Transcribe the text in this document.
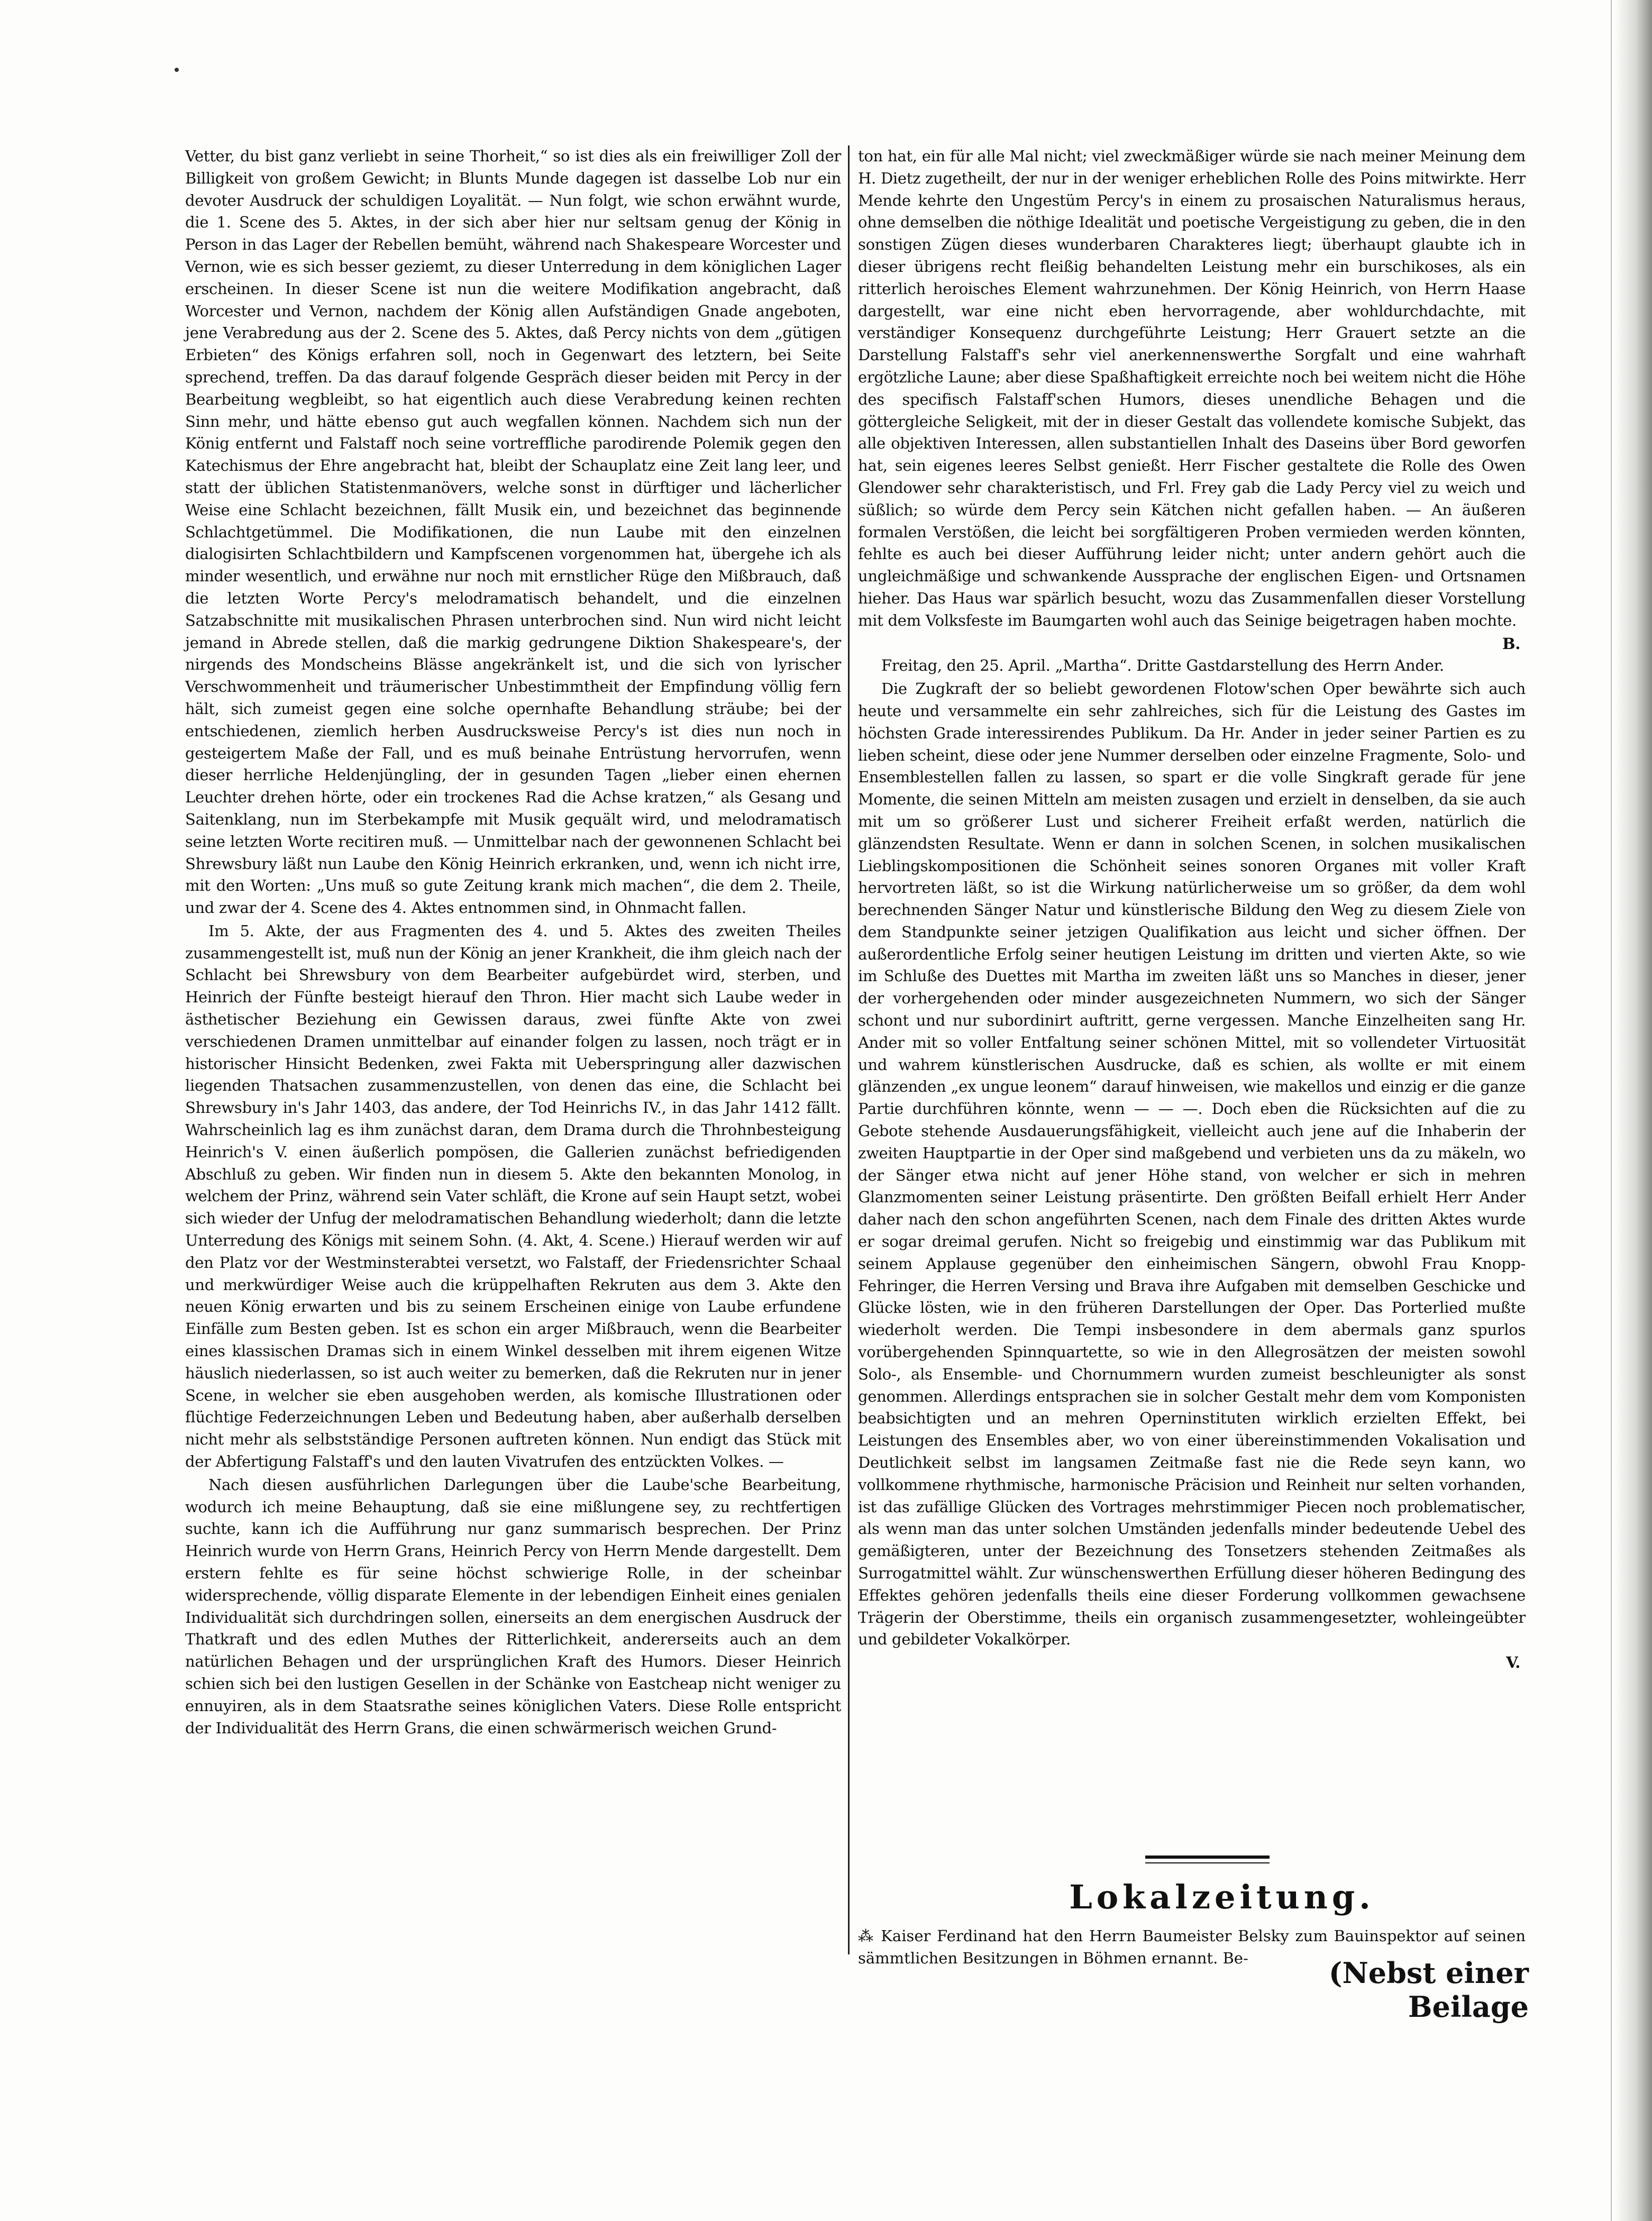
Vetter, du bist ganz verliebt in seine Thorheit,“ so ist dies als ein freiwilliger Zoll der Billigkeit von großem Gewicht; in Blunts Munde dagegen ist dasselbe Lob nur ein devoter Ausdruck der schuldigen Loyalität. — Nun folgt, wie schon erwähnt wurde, die 1. Scene des 5. Aktes, in der sich aber hier nur seltsam genug der König in Person in das Lager der Rebellen bemüht, während nach Shakespeare Worcester und Vernon, wie es sich besser geziemt, zu dieser Unterredung in dem königlichen Lager erscheinen. In dieser Scene ist nun die weitere Modifikation angebracht, daß Worcester und Vernon, nachdem der König allen Aufständigen Gnade angeboten, jene Verabredung aus der 2. Scene des 5. Aktes, daß Percy nichts von dem „gütigen Erbieten“ des Königs erfahren soll, noch in Gegenwart des letztern, bei Seite sprechend, treffen. Da das darauf folgende Gespräch dieser beiden mit Percy in der Bearbeitung wegbleibt, so hat eigentlich auch diese Verabredung keinen rechten Sinn mehr, und hätte ebenso gut auch wegfallen können. Nachdem sich nun der König entfernt und Falstaff noch seine vortreffliche parodirende Polemik gegen den Katechismus der Ehre angebracht hat, bleibt der Schauplatz eine Zeit lang leer, und statt der üblichen Statistenmanövers, welche sonst in dürftiger und lächerlicher Weise eine Schlacht bezeichnen, fällt Musik ein, und bezeichnet das beginnende Schlachtgetümmel. Die Modifikationen, die nun Laube mit den einzelnen dialogisirten Schlachtbildern und Kampfscenen vorgenommen hat, übergehe ich als minder wesentlich, und erwähne nur noch mit ernstlicher Rüge den Mißbrauch, daß die letzten Worte Percy's melodramatisch behandelt, und die einzelnen Satzabschnitte mit musikalischen Phrasen unterbrochen sind. Nun wird nicht leicht jemand in Abrede stellen, daß die markig gedrungene Diktion Shakespeare's, der nirgends des Mondscheins Blässe angekränkelt ist, und die sich von lyrischer Verschwommenheit und träumerischer Unbestimmtheit der Empfindung völlig fern hält, sich zumeist gegen eine solche opernhafte Behandlung sträube; bei der entschiedenen, ziemlich herben Ausdrucksweise Percy's ist dies nun noch in gesteigertem Maße der Fall, und es muß beinahe Entrüstung hervorrufen, wenn dieser herrliche Heldenjüngling, der in gesunden Tagen „lieber einen ehernen Leuchter drehen hörte, oder ein trockenes Rad die Achse kratzen,“ als Gesang und Saitenklang, nun im Sterbekampfe mit Musik gequält wird, und melodramatisch seine letzten Worte recitiren muß. — Unmittelbar nach der gewonnenen Schlacht bei Shrewsbury läßt nun Laube den König Heinrich erkranken, und, wenn ich nicht irre, mit den Worten: „Uns muß so gute Zeitung krank mich machen“, die dem 2. Theile, und zwar der 4. Scene des 4. Aktes entnommen sind, in Ohnmacht fallen.

Im 5. Akte, der aus Fragmenten des 4. und 5. Aktes des zweiten Theiles zusammengestellt ist, muß nun der König an jener Krankheit, die ihm gleich nach der Schlacht bei Shrewsbury von dem Bearbeiter aufgebürdet wird, sterben, und Heinrich der Fünfte besteigt hierauf den Thron. Hier macht sich Laube weder in ästhetischer Beziehung ein Gewissen daraus, zwei fünfte Akte von zwei verschiedenen Dramen unmittelbar auf einander folgen zu lassen, noch trägt er in historischer Hinsicht Bedenken, zwei Fakta mit Ueberspringung aller dazwischen liegenden Thatsachen zusammenzustellen, von denen das eine, die Schlacht bei Shrewsbury in's Jahr 1403, das andere, der Tod Heinrichs IV., in das Jahr 1412 fällt. Wahrscheinlich lag es ihm zunächst daran, dem Drama durch die Throhnbesteigung Heinrich's V. einen äußerlich pompösen, die Gallerien zunächst befriedigenden Abschluß zu geben. Wir finden nun in diesem 5. Akte den bekannten Monolog, in welchem der Prinz, während sein Vater schläft, die Krone auf sein Haupt setzt, wobei sich wieder der Unfug der melodramatischen Behandlung wiederholt; dann die letzte Unterredung des Königs mit seinem Sohn. (4. Akt, 4. Scene.) Hierauf werden wir auf den Platz vor der Westminsterabtei versetzt, wo Falstaff, der Friedensrichter Schaal und merkwürdiger Weise auch die krüppelhaften Rekruten aus dem 3. Akte den neuen König erwarten und bis zu seinem Erscheinen einige von Laube erfundene Einfälle zum Besten geben. Ist es schon ein arger Mißbrauch, wenn die Bearbeiter eines klassischen Dramas sich in einem Winkel desselben mit ihrem eigenen Witze häuslich niederlassen, so ist auch weiter zu bemerken, daß die Rekruten nur in jener Scene, in welcher sie eben ausgehoben werden, als komische Illustrationen oder flüchtige Federzeichnungen Leben und Bedeutung haben, aber außerhalb derselben nicht mehr als selbstständige Personen auftreten können. Nun endigt das Stück mit der Abfertigung Falstaff's und den lauten Vivatrufen des entzückten Volkes. —

Nach diesen ausführlichen Darlegungen über die Laube'sche Bearbeitung, wodurch ich meine Behauptung, daß sie eine mißlungene sey, zu rechtfertigen suchte, kann ich die Aufführung nur ganz summarisch besprechen. Der Prinz Heinrich wurde von Herrn Grans, Heinrich Percy von Herrn Mende dargestellt. Dem erstern fehlte es für seine höchst schwierige Rolle, in der scheinbar widersprechende, völlig disparate Elemente in der lebendigen Einheit eines genialen Individualität sich durchdringen sollen, einerseits an dem energischen Ausdruck der Thatkraft und des edlen Muthes der Ritterlichkeit, andererseits auch an dem natürlichen Behagen und der ursprünglichen Kraft des Humors. Dieser Heinrich schien sich bei den lustigen Gesellen in der Schänke von Eastcheap nicht weniger zu ennuyiren, als in dem Staatsrathe seines königlichen Vaters. Diese Rolle entspricht der Individualität des Herrn Grans, die einen schwärmerisch weichen Grund-

ton hat, ein für alle Mal nicht; viel zweckmäßiger würde sie nach meiner Meinung dem H. Dietz zugetheilt, der nur in der weniger erheblichen Rolle des Poins mitwirkte. Herr Mende kehrte den Ungestüm Percy's in einem zu prosaischen Naturalismus heraus, ohne demselben die nöthige Idealität und poetische Vergeistigung zu geben, die in den sonstigen Zügen dieses wunderbaren Charakteres liegt; überhaupt glaubte ich in dieser übrigens recht fleißig behandelten Leistung mehr ein burschikoses, als ein ritterlich heroisches Element wahrzunehmen. Der König Heinrich, von Herrn Haase dargestellt, war eine nicht eben hervorragende, aber wohldurchdachte, mit verständiger Konsequenz durchgeführte Leistung; Herr Grauert setzte an die Darstellung Falstaff's sehr viel anerkennenswerthe Sorgfalt und eine wahrhaft ergötzliche Laune; aber diese Spaßhaftigkeit erreichte noch bei weitem nicht die Höhe des specifisch Falstaff'schen Humors, dieses unendliche Behagen und die göttergleiche Seligkeit, mit der in dieser Gestalt das vollendete komische Subjekt, das alle objektiven Interessen, allen substantiellen Inhalt des Daseins über Bord geworfen hat, sein eigenes leeres Selbst genießt. Herr Fischer gestaltete die Rolle des Owen Glendower sehr charakteristisch, und Frl. Frey gab die Lady Percy viel zu weich und süßlich; so würde dem Percy sein Kätchen nicht gefallen haben. — An äußeren formalen Verstößen, die leicht bei sorgfältigeren Proben vermieden werden könnten, fehlte es auch bei dieser Aufführung leider nicht; unter andern gehört auch die ungleichmäßige und schwankende Aussprache der englischen Eigen- und Ortsnamen hieher. Das Haus war spärlich besucht, wozu das Zusammenfallen dieser Vorstellung mit dem Volksfeste im Baumgarten wohl auch das Seinige beigetragen haben mochte.

B.

Freitag, den 25. April. „Martha“. Dritte Gastdarstellung des Herrn Ander.

Die Zugkraft der so beliebt gewordenen Flotow'schen Oper bewährte sich auch heute und versammelte ein sehr zahlreiches, sich für die Leistung des Gastes im höchsten Grade interessirendes Publikum. Da Hr. Ander in jeder seiner Partien es zu lieben scheint, diese oder jene Nummer derselben oder einzelne Fragmente, Solo- und Ensemblestellen fallen zu lassen, so spart er die volle Singkraft gerade für jene Momente, die seinen Mitteln am meisten zusagen und erzielt in denselben, da sie auch mit um so größerer Lust und sicherer Freiheit erfaßt werden, natürlich die glänzendsten Resultate. Wenn er dann in solchen Scenen, in solchen musikalischen Lieblingskompositionen die Schönheit seines sonoren Organes mit voller Kraft hervortreten läßt, so ist die Wirkung natürlicherweise um so größer, da dem wohl berechnenden Sänger Natur und künstlerische Bildung den Weg zu diesem Ziele von dem Standpunkte seiner jetzigen Qualifikation aus leicht und sicher öffnen. Der außerordentliche Erfolg seiner heutigen Leistung im dritten und vierten Akte, so wie im Schluße des Duettes mit Martha im zweiten läßt uns so Manches in dieser, jener der vorhergehenden oder minder ausgezeichneten Nummern, wo sich der Sänger schont und nur subordinirt auftritt, gerne vergessen. Manche Einzelheiten sang Hr. Ander mit so voller Entfaltung seiner schönen Mittel, mit so vollendeter Virtuosität und wahrem künstlerischen Ausdrucke, daß es schien, als wollte er mit einem glänzenden „ex ungue leonem“ darauf hinweisen, wie makellos und einzig er die ganze Partie durchführen könnte, wenn — — —. Doch eben die Rücksichten auf die zu Gebote stehende Ausdauerungsfähigkeit, vielleicht auch jene auf die Inhaberin der zweiten Hauptpartie in der Oper sind maßgebend und verbieten uns da zu mäkeln, wo der Sänger etwa nicht auf jener Höhe stand, von welcher er sich in mehren Glanzmomenten seiner Leistung präsentirte. Den größten Beifall erhielt Herr Ander daher nach den schon angeführten Scenen, nach dem Finale des dritten Aktes wurde er sogar dreimal gerufen. Nicht so freigebig und einstimmig war das Publikum mit seinem Applause gegenüber den einheimischen Sängern, obwohl Frau Knopp-Fehringer, die Herren Versing und Brava ihre Aufgaben mit demselben Geschicke und Glücke lösten, wie in den früheren Darstellungen der Oper. Das Porterlied mußte wiederholt werden. Die Tempi insbesondere in dem abermals ganz spurlos vorübergehenden Spinnquartette, so wie in den Allegrosätzen der meisten sowohl Solo-, als Ensemble- und Chornummern wurden zumeist beschleunigter als sonst genommen. Allerdings entsprachen sie in solcher Gestalt mehr dem vom Komponisten beabsichtigten und an mehren Operninstituten wirklich erzielten Effekt, bei Leistungen des Ensembles aber, wo von einer übereinstimmenden Vokalisation und Deutlichkeit selbst im langsamen Zeitmaße fast nie die Rede seyn kann, wo vollkommene rhythmische, harmonische Präcision und Reinheit nur selten vorhanden, ist das zufällige Glücken des Vortrages mehrstimmiger Piecen noch problematischer, als wenn man das unter solchen Umständen jedenfalls minder bedeutende Uebel des gemäßigteren, unter der Bezeichnung des Tonsetzers stehenden Zeitmaßes als Surrogatmittel wählt. Zur wünschenswerthen Erfüllung dieser höheren Bedingung des Effektes gehören jedenfalls theils eine dieser Forderung vollkommen gewachsene Trägerin der Oberstimme, theils ein organisch zusammengesetzter, wohleingeübter und gebildeter Vokalkörper.

V.
Lokalzeitung.
⁂ Kaiser Ferdinand hat den Herrn Baumeister Belsky zum Bauinspektor auf seinen sämmtlichen Besitzungen in Böhmen ernannt. Be-	(Nebst einer Beilage
